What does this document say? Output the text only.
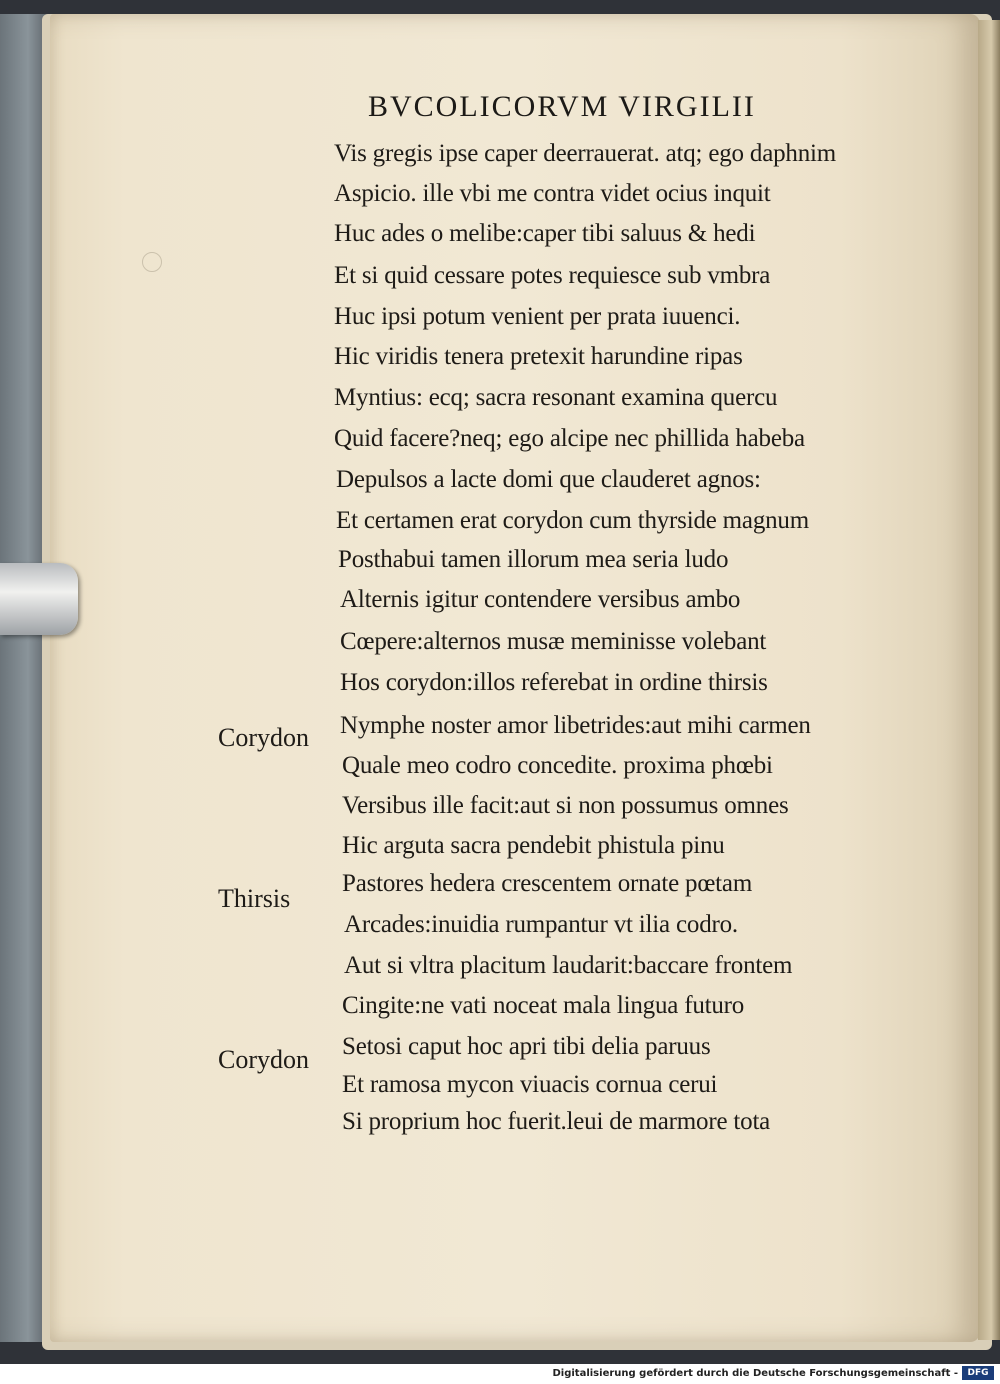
BVCOLICORVM VIRGILII
Vis gregis ipse caper deerrauerat. atq; ego daphnim
Aspicio. ille vbi me contra videt ocius inquit
Huc ades o melibe:caper tibi saluus & hedi
Et si quid cessare potes requiesce sub vmbra
Huc ipsi potum venient per prata iuuenci.
Hic viridis tenera pretexit harundine ripas
Myntius: ecq; sacra resonant examina quercu
Quid facere?neq; ego alcipe nec phillida habeba
Depulsos a lacte domi que clauderet agnos:
Et certamen erat corydon cum thyrside magnum
Posthabui tamen illorum mea seria ludo
Alternis igitur contendere versibus ambo
Cœpere:alternos musæ meminisse volebant
Hos corydon:illos referebat in ordine thirsis
Nymphe noster amor libetrides:aut mihi carmen
Quale meo codro concedite. proxima phœbi
Versibus ille facit:aut si non possumus omnes
Hic arguta sacra pendebit phistula pinu
Pastores hedera crescentem ornate pœtam
Arcades:inuidia rumpantur vt ilia codro.
Aut si vltra placitum laudarit:baccare frontem
Cingite:ne vati noceat mala lingua futuro
Setosi caput hoc apri tibi delia paruus
Et ramosa mycon viuacis cornua cerui
Si proprium hoc fuerit.leui de marmore tota
Corydon
Thirsis
Corydon
Digitalisierung gefördert durch die Deutsche Forschungsgemeinschaft -	DFG
